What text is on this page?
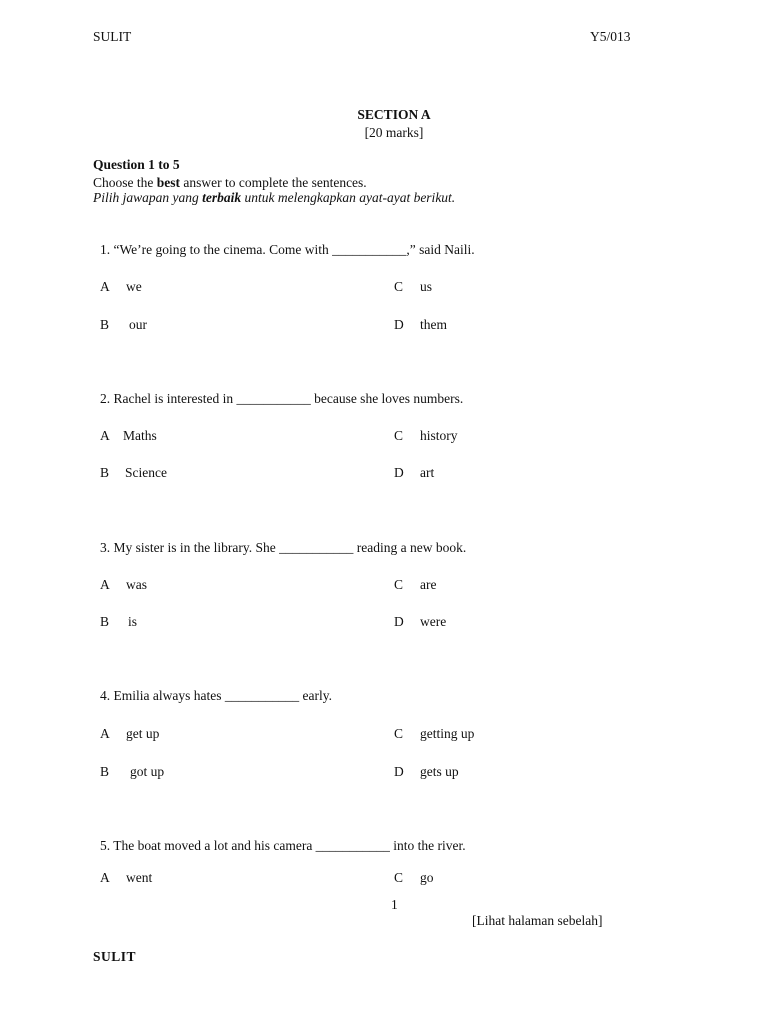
SULIT	Y5/013
SECTION A
[20 marks]
Question 1 to 5
Choose the best answer to complete the sentences.
Pilih jawapan yang terbaik untuk melengkapkan ayat-ayat berikut.
1. “We’re going to the cinema. Come with ___________,” said Naili.
A we	C us
B our	D them
2. Rachel is interested in ___________ because she loves numbers.
A Maths	C history
B Science	D art
3. My sister is in the library. She ___________ reading a new book.
A was	C are
B is	D were
4. Emilia always hates ___________ early.
A get up	C getting up
B got up	D gets up
5. The boat moved a lot and his camera ___________ into the river.
A went	C go
1
[Lihat halaman sebelah]
SULIT
